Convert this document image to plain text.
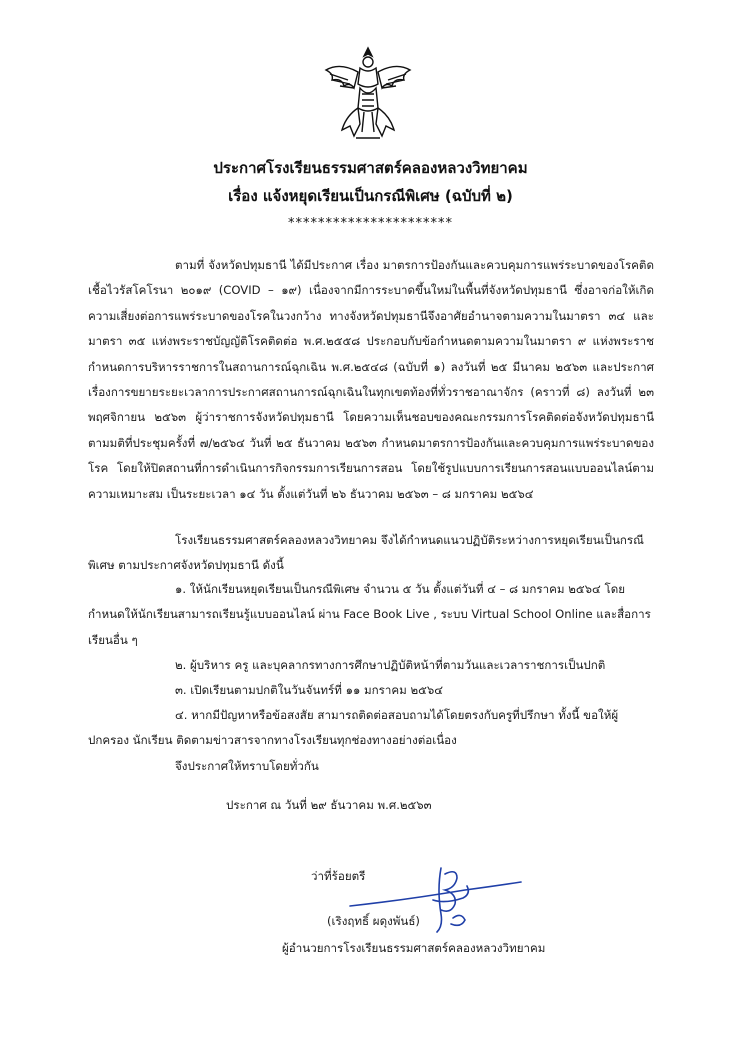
ประกาศโรงเรียนธรรมศาสตร์คลองหลวงวิทยาคม
เรื่อง แจ้งหยุดเรียนเป็นกรณีพิเศษ (ฉบับที่ ๒)
**********************
ตามที่ จังหวัดปทุมธานี ได้มีประกาศ เรื่อง มาตรการป้องกันและควบคุมการแพร่ระบาดของโรคติดเชื้อไวรัสโคโรนา ๒๐๑๙ (COVID – ๑๙) เนื่องจากมีการระบาดขึ้นใหม่ในพื้นที่จังหวัดปทุมธานี ซึ่งอาจก่อให้เกิดความเสี่ยงต่อการแพร่ระบาดของโรคในวงกว้าง ทางจังหวัดปทุมธานีจึงอาศัยอำนาจตามความในมาตรา ๓๔ และมาตรา ๓๕ แห่งพระราชบัญญัติโรคติดต่อ พ.ศ.๒๕๕๘ ประกอบกับข้อกำหนดตามความในมาตรา ๙ แห่งพระราชกำหนดการบริหารราชการในสถานการณ์ฉุกเฉิน พ.ศ.๒๕๔๘ (ฉบับที่ ๑) ลงวันที่ ๒๕ มีนาคม ๒๕๖๓ และประกาศเรื่องการขยายระยะเวลาการประกาศสถานการณ์ฉุกเฉินในทุกเขตท้องที่ทั่วราชอาณาจักร (คราวที่ ๘) ลงวันที่ ๒๓ พฤศจิกายน ๒๕๖๓ ผู้ว่าราชการจังหวัดปทุมธานี โดยความเห็นชอบของคณะกรรมการโรคติดต่อจังหวัดปทุมธานี ตามมติที่ประชุมครั้งที่ ๗/๒๕๖๔ วันที่ ๒๕ ธันวาคม ๒๕๖๓ กำหนดมาตรการป้องกันและควบคุมการแพร่ระบาดของโรค โดยให้ปิดสถานที่การดำเนินการกิจกรรมการเรียนการสอน โดยใช้รูปแบบการเรียนการสอนแบบออนไลน์ตามความเหมาะสม เป็นระยะเวลา ๑๔ วัน ตั้งแต่วันที่ ๒๖ ธันวาคม ๒๕๖๓ – ๘ มกราคม ๒๕๖๔
โรงเรียนธรรมศาสตร์คลองหลวงวิทยาคม จึงได้กำหนดแนวปฏิบัติระหว่างการหยุดเรียนเป็นกรณีพิเศษ ตามประกาศจังหวัดปทุมธานี ดังนี้
๑. ให้นักเรียนหยุดเรียนเป็นกรณีพิเศษ จำนวน ๕ วัน ตั้งแต่วันที่ ๔ – ๘ มกราคม ๒๕๖๔ โดยกำหนดให้นักเรียนสามารถเรียนรู้แบบออนไลน์ ผ่าน Face Book Live , ระบบ Virtual School Online และสื่อการเรียนอื่น ๆ
๒. ผู้บริหาร ครู และบุคลากรทางการศึกษาปฏิบัติหน้าที่ตามวันและเวลาราชการเป็นปกติ
๓. เปิดเรียนตามปกติในวันจันทร์ที่ ๑๑ มกราคม ๒๕๖๔
๔. หากมีปัญหาหรือข้อสงสัย สามารถติดต่อสอบถามได้โดยตรงกับครูที่ปรึกษา ทั้งนี้ ขอให้ผู้ปกครอง นักเรียน ติดตามข่าวสารจากทางโรงเรียนทุกช่องทางอย่างต่อเนื่อง
จึงประกาศให้ทราบโดยทั่วกัน
ประกาศ ณ วันที่ ๒๙ ธันวาคม พ.ศ.๒๕๖๓
ว่าที่ร้อยตรี
(เริงฤทธิ์ ผดุงพันธ์)
ผู้อำนวยการโรงเรียนธรรมศาสตร์คลองหลวงวิทยาคม
